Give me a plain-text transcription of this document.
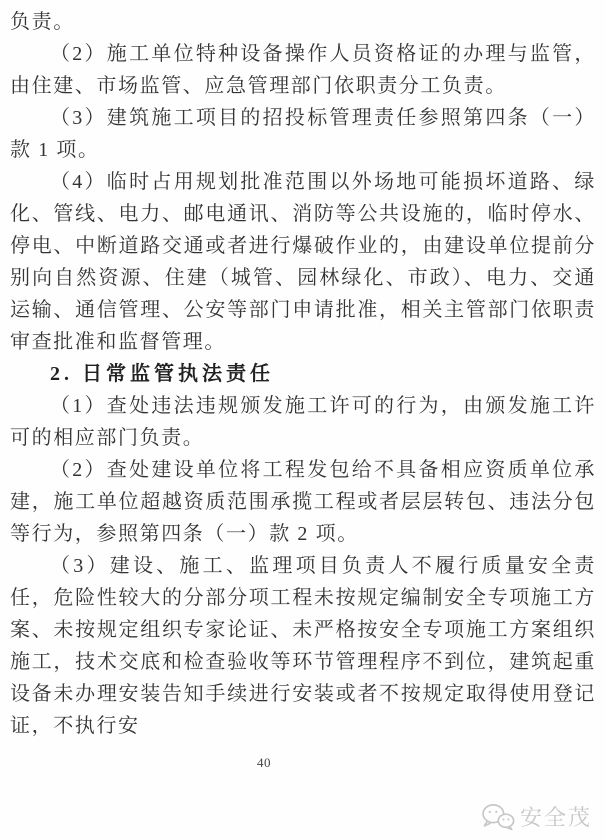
负责。

（2）施工单位特种设备操作人员资格证的办理与监管，由住建、市场监管、应急管理部门依职责分工负责。

（3）建筑施工项目的招投标管理责任参照第四条（一）款 1 项。

（4）临时占用规划批准范围以外场地可能损坏道路、绿化、管线、电力、邮电通讯、消防等公共设施的，临时停水、停电、中断道路交通或者进行爆破作业的，由建设单位提前分别向自然资源、住建（城管、园林绿化、市政）、电力、交通运输、通信管理、公安等部门申请批准，相关主管部门依职责审查批准和监督管理。

2. 日常监管执法责任

（1）查处违法违规颁发施工许可的行为，由颁发施工许可的相应部门负责。

（2）查处建设单位将工程发包给不具备相应资质单位承建，施工单位超越资质范围承揽工程或者层层转包、违法分包等行为，参照第四条（一）款 2 项。

（3）建设、施工、监理项目负责人不履行质量安全责任，危险性较大的分部分项工程未按规定编制安全专项施工方案、未按规定组织专家论证、未严格按安全专项施工方案组织施工，技术交底和检查验收等环节管理程序不到位，建筑起重设备未办理安装告知手续进行安装或者不按规定取得使用登记证，不执行安

40
安全茂
